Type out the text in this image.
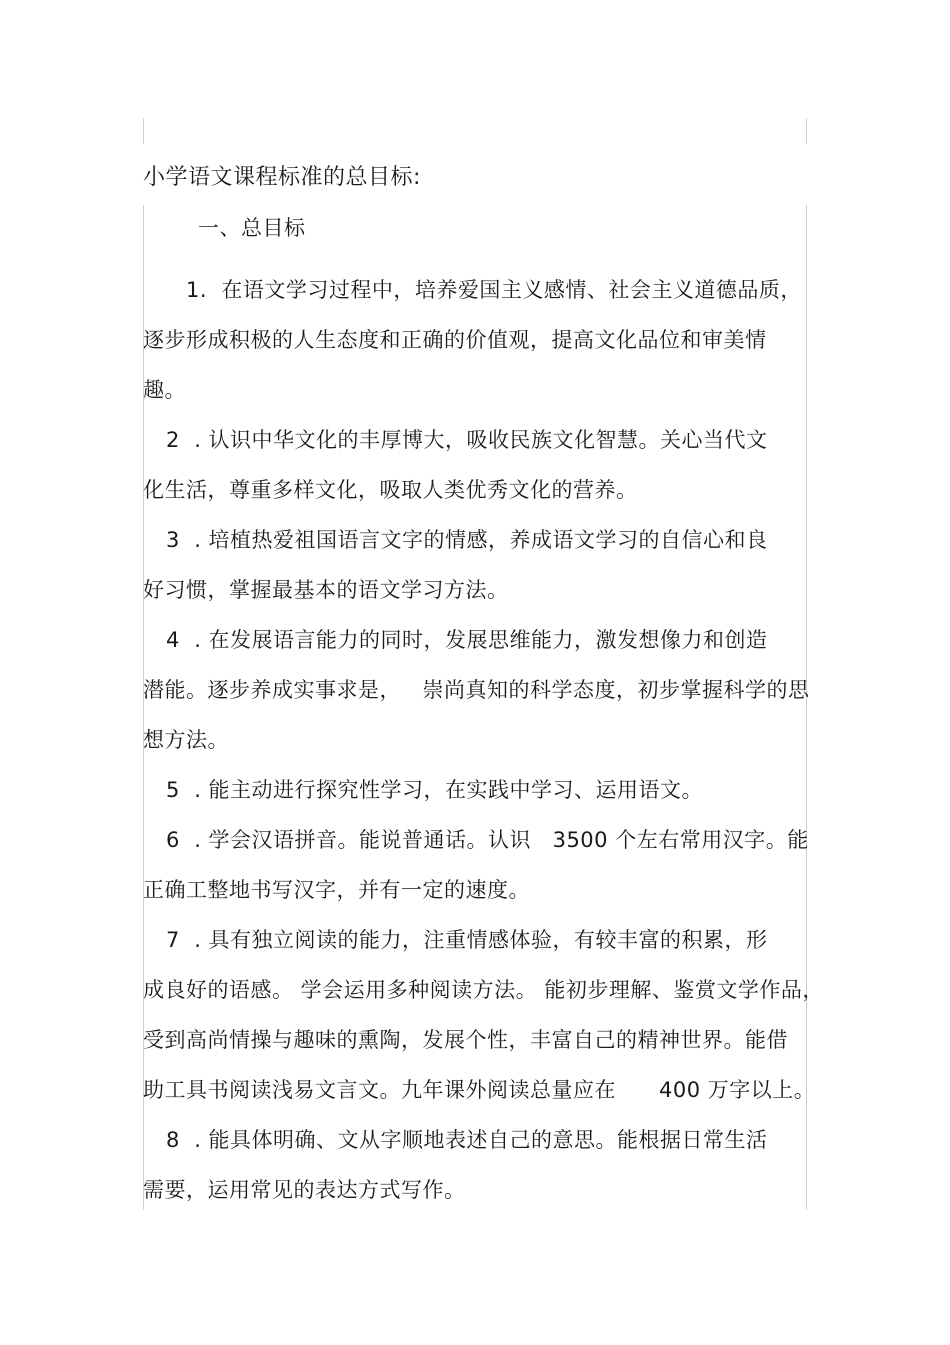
小学语文课程标准的总目标:
一、总目标
1.  在语文学习过程中，培养爱国主义感情、社会主义道德品质，
逐步形成积极的人生态度和正确的价值观，提高文化品位和审美情
趣。
2  . 认识中华文化的丰厚博大，吸收民族文化智慧。关心当代文
化生活，尊重多样文化，吸取人类优秀文化的营养。
3  . 培植热爱祖国语言文字的情感，养成语文学习的自信心和良
好习惯，掌握最基本的语文学习方法。
4  . 在发展语言能力的同时，发展思维能力，激发想像力和创造
潜能。逐步养成实事求是，   崇尚真知的科学态度，初步掌握科学的思
想方法。
5  . 能主动进行探究性学习，在实践中学习、运用语文。
6  . 学会汉语拼音。能说普通话。认识   3500 个左右常用汉字。能
正确工整地书写汉字，并有一定的速度。
7  . 具有独立阅读的能力，注重情感体验，有较丰富的积累，形
成良好的语感。 学会运用多种阅读方法。 能初步理解、鉴赏文学作品，
受到高尚情操与趣味的熏陶，发展个性，丰富自己的精神世界。能借
助工具书阅读浅易文言文。九年课外阅读总量应在      400 万字以上。
8  . 能具体明确、文从字顺地表述自己的意思。能根据日常生活
需要，运用常见的表达方式写作。
